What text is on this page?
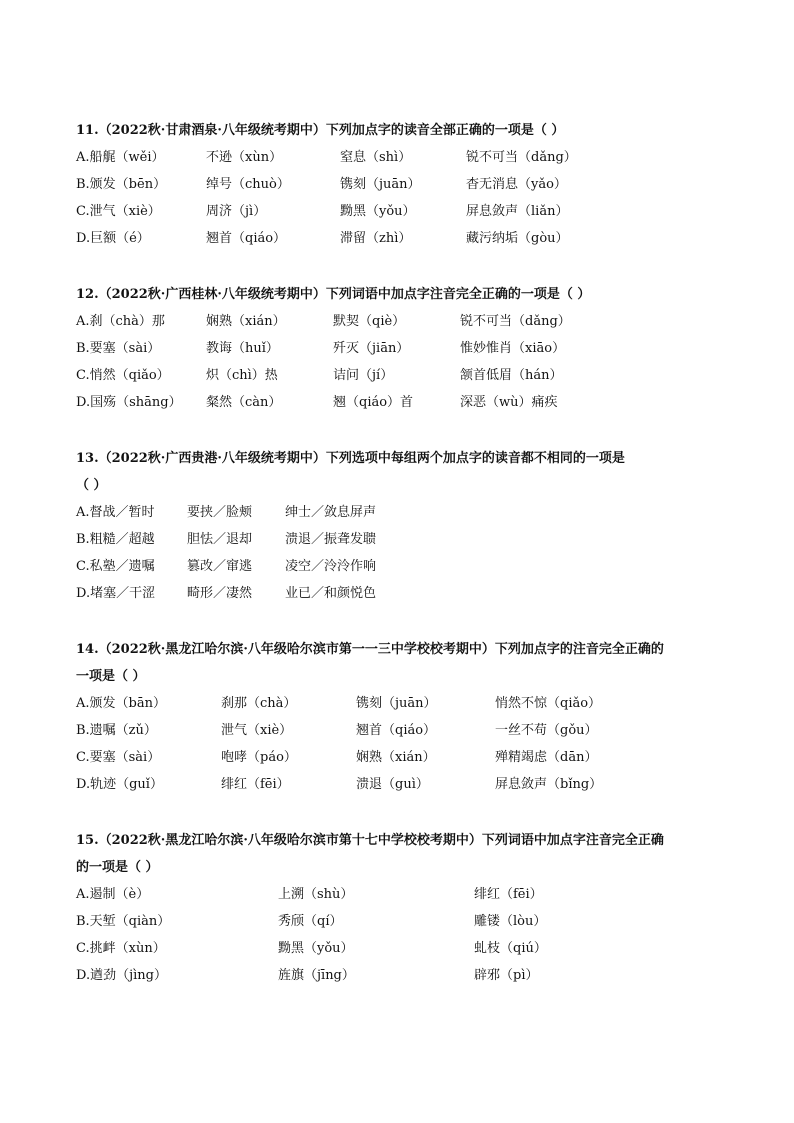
11.（2022秋·甘肃酒泉·八年级统考期中）下列加点字的读音全部正确的一项是（ ）
A.船艉（wěi）	不逊（xùn）	窒息（shì）	锐不可当（dǎng）
B.颁发（bēn）	绰号（chuò）	镌刻（juān）	杳无消息（yǎo）
C.泄气（xiè）	周济（jì）	黝黑（yǒu）	屏息敛声（liǎn）
D.巨额（é）	翘首（qiáo）	滞留（zhì）	藏污纳垢（gòu）
12.（2022秋·广西桂林·八年级统考期中）下列词语中加点字注音完全正确的一项是（ ）
A.刹（chà）那	娴熟（xián）	默契（qiè）	锐不可当（dǎng）
B.要塞（sài）	教诲（huǐ）	歼灭（jiān）	惟妙惟肖（xiāo）
C.悄然（qiǎo）	炽（chì）热	诘问（jí）	颔首低眉（hán）
D.国殇（shāng） 粲然（càn）	翘（qiáo）首	深恶（wù）痛疾
13.（2022秋·广西贵港·八年级统考期中）下列选项中每组两个加点字的读音都不相同的一项是
（ ）
A.督战／暂时 要挟／脸颊	绅士／敛息屏声
B.粗糙／超越 胆怯／退却	溃退／振聋发聩
C.私塾／遗嘱 篡改／窜逃	凌空／泠泠作响
D.堵塞／干涩 畸形／凄然	业已／和颜悦色
14.（2022秋·黑龙江哈尔滨·八年级哈尔滨市第一一三中学校校考期中）下列加点字的注音完全正确的
一项是（ ）
A.颁发（bān）	刹那（chà）	镌刻（juān）	悄然不惊（qiǎo）
B.遗嘱（zǔ）	泄气（xiè）	翘首（qiáo）	一丝不苟（gǒu）
C.要塞（sài）	咆哮（páo）	娴熟（xián）	殚精竭虑（dān）
D.轨迹（guǐ）	绯红（fēi）	溃退（guì）	屏息敛声（bǐng）
15.（2022秋·黑龙江哈尔滨·八年级哈尔滨市第十七中学校校考期中）下列词语中加点字注音完全正确
的一项是（ ）
A.遏制（è）	上溯（shù）	绯红（fēi）
B.天堑（qiàn）	秀颀（qí）	雕镂（lòu）
C.挑衅（xùn）	黝黑（yǒu）	虬枝（qiú）
D.遒劲（jìng）	旌旗（jīng）	辟邪（pì）
